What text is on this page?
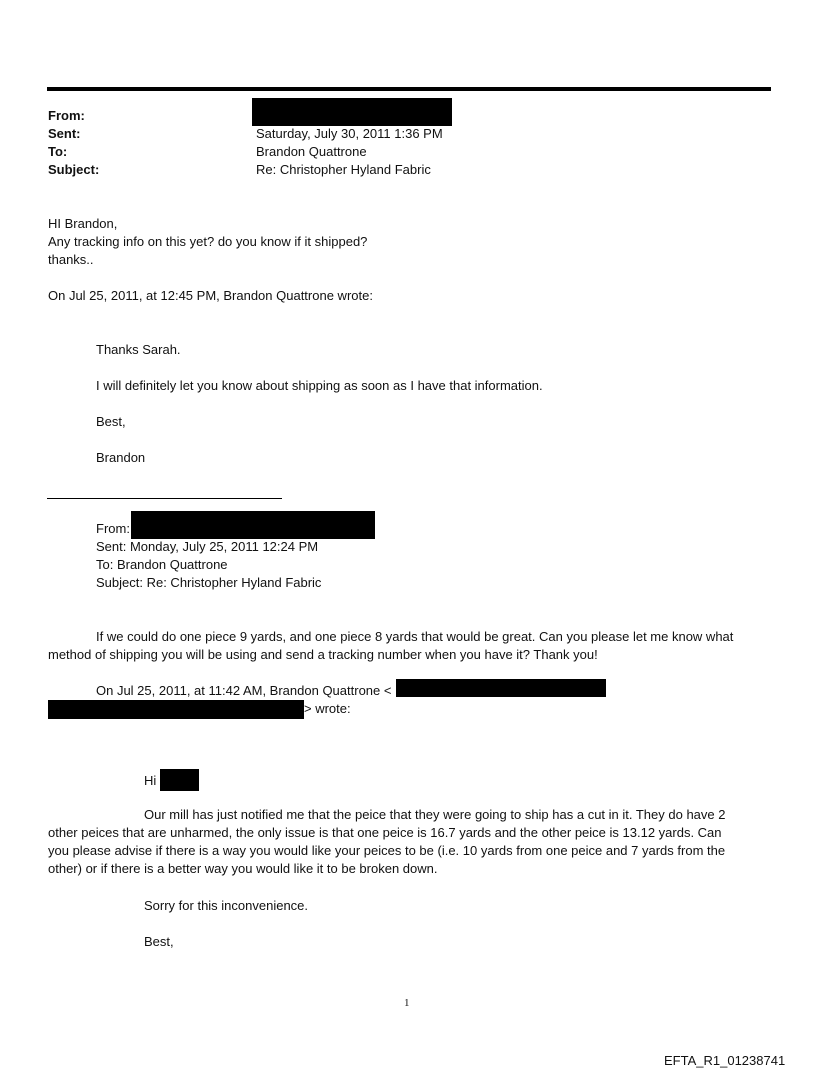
From:
Sent:	Saturday, July 30, 2011 1:36 PM
To:	Brandon Quattrone
Subject:	Re: Christopher Hyland Fabric
HI Brandon,
Any tracking info on this yet? do you know if it shipped?
thanks..
On Jul 25, 2011, at 12:45 PM, Brandon Quattrone wrote:
Thanks Sarah.
I will definitely let you know about shipping as soon as I have that information.
Best,
Brandon
From:
Sent: Monday, July 25, 2011 12:24 PM
To: Brandon Quattrone
Subject: Re: Christopher Hyland Fabric
If we could do one piece 9 yards, and one piece 8 yards that would be great. Can you please let me know what
method of shipping you will be using and send a tracking number when you have it? Thank you!
On Jul 25, 2011, at 11:42 AM, Brandon Quattrone <
> wrote:
Hi
Our mill has just notified me that the peice that they were going to ship has a cut in it. They do have 2
other peices that are unharmed, the only issue is that one peice is 16.7 yards and the other peice is 13.12 yards. Can
you please advise if there is a way you would like your peices to be (i.e. 10 yards from one peice and 7 yards from the
other) or if there is a better way you would like it to be broken down.
Sorry for this inconvenience.
Best,
1
EFTA_R1_01238741
